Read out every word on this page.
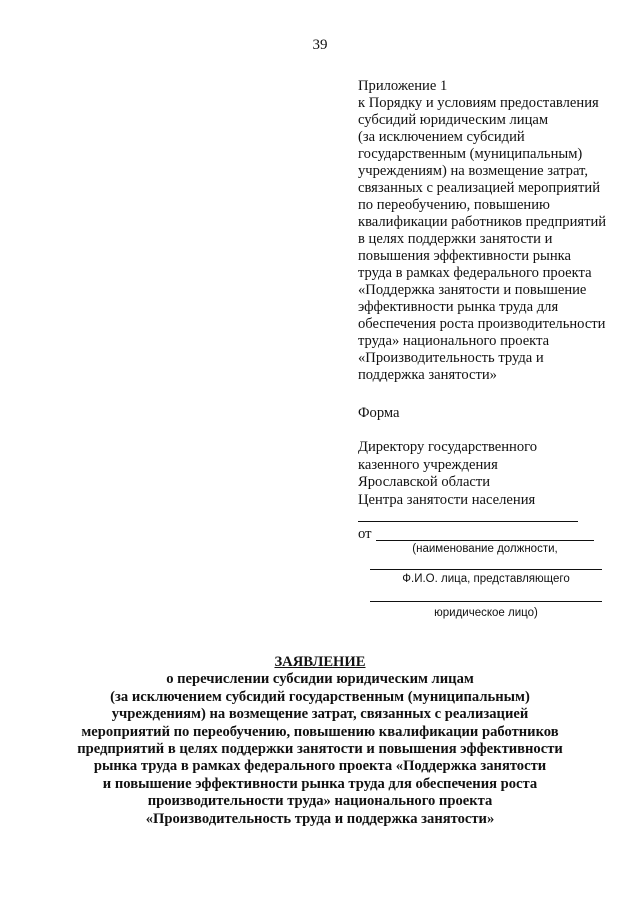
39
Приложение 1
к Порядку и условиям предоставления
субсидий юридическим лицам
(за исключением субсидий
государственным (муниципальным)
учреждениям) на возмещение затрат,
связанных с реализацией мероприятий
по переобучению, повышению
квалификации работников предприятий
в целях поддержки занятости и
повышения эффективности рынка
труда в рамках федерального проекта
«Поддержка занятости и повышение
эффективности рынка труда для
обеспечения роста производительности
труда» национального проекта
«Производительность труда и
поддержка занятости»
Форма
Директору государственного
казенного учреждения
Ярославской области
Центра занятости населения
от
(наименование должности,
Ф.И.О. лица, представляющего
юридическое лицо)
ЗАЯВЛЕНИЕ
о перечислении субсидии юридическим лицам
(за исключением субсидий государственным (муниципальным)
учреждениям) на возмещение затрат, связанных с реализацией
мероприятий по переобучению, повышению квалификации работников
предприятий в целях поддержки занятости и повышения эффективности
рынка труда в рамках федерального проекта «Поддержка занятости
и повышение эффективности рынка труда для обеспечения роста
производительности труда» национального проекта
«Производительность труда и поддержка занятости»
